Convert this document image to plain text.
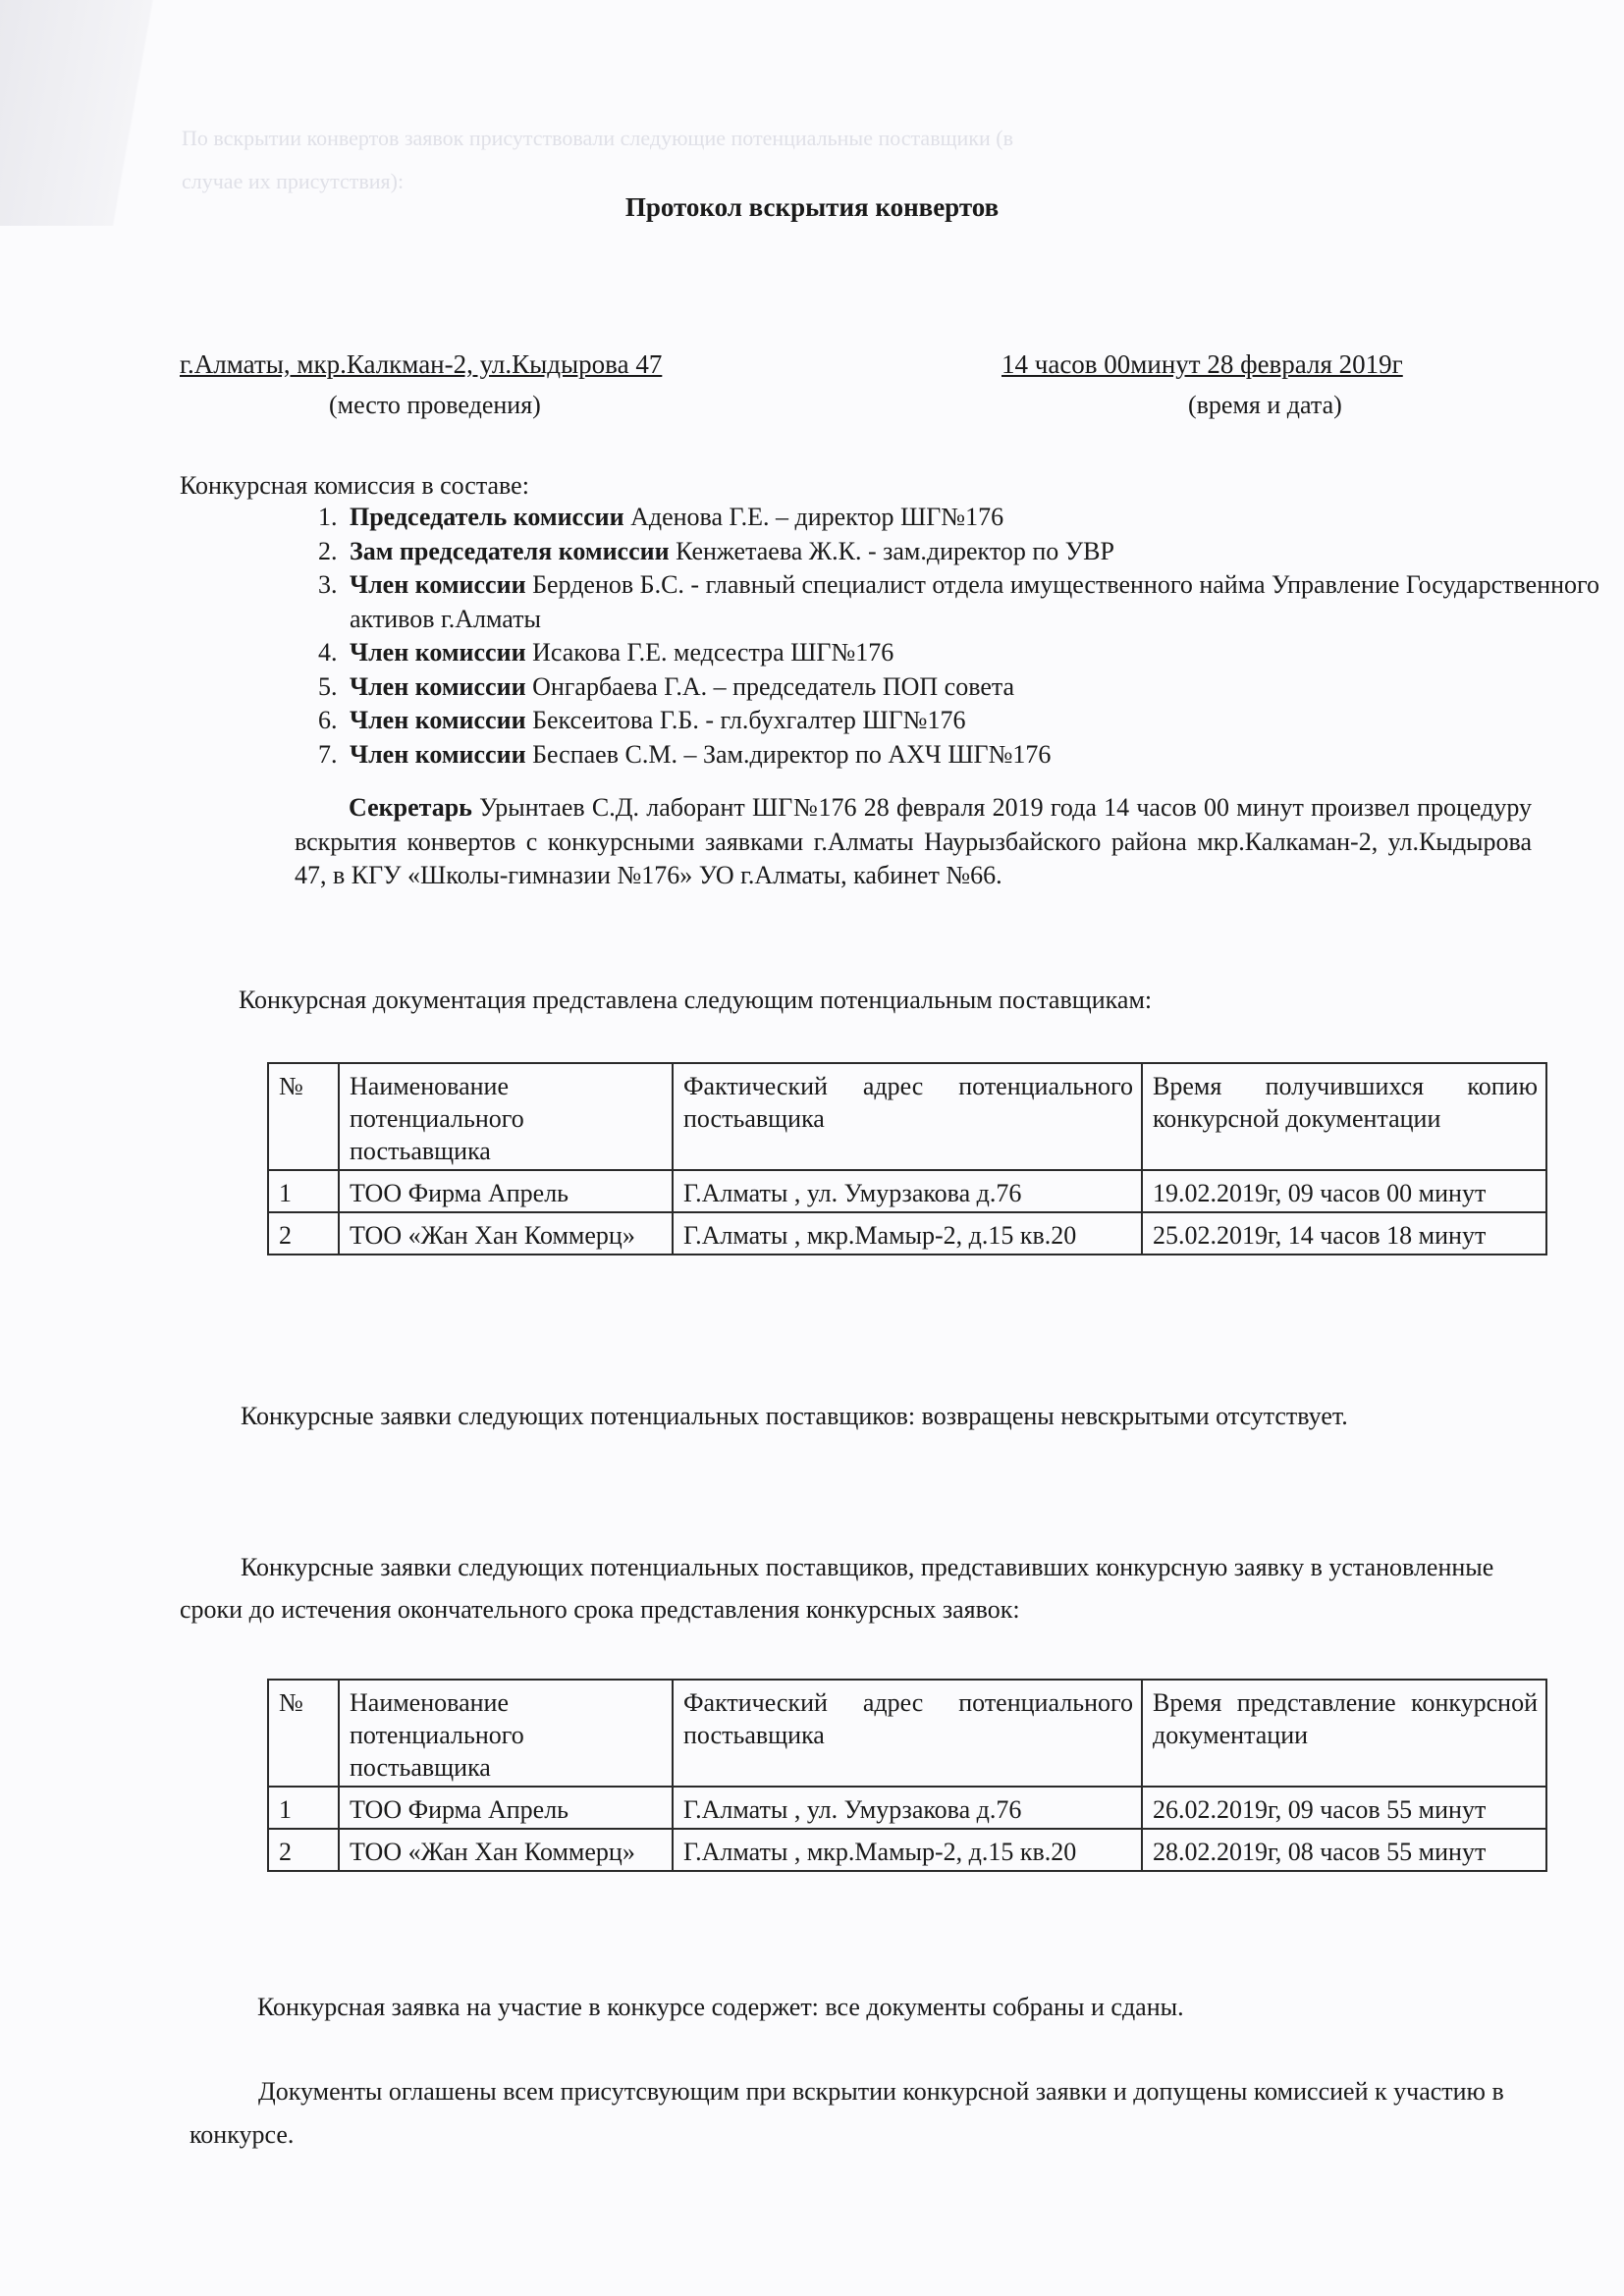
По вскрытии конвертов заявок присутствовали следующие потенциальные поставщики (в
случае их присутствия):
Протокол вскрытия конвертов
г.Алматы, мкр.Калкман-2, ул.Кыдырова 47
(место проведения)
14 часов 00минут 28 февраля 2019г
(время и дата)
Конкурсная комиссия в составе:
1. Председатель комиссии Аденова Г.Е. – директор ШГ№176
2. Зам председателя комиссии Кенжетаева Ж.К. - зам.директор по УВР
3. Член комиссии Берденов Б.С. - главный специалист отдела имущественного найма Управление Государственного активов г.Алматы
4. Член комиссии Исакова Г.Е. медсестра ШГ№176
5. Член комиссии Онгарбаева Г.А. – председатель ПОП совета
6. Член комиссии Бексеитова Г.Б. - гл.бухгалтер ШГ№176
7. Член комиссии Беспаев С.М. – Зам.директор по АХЧ ШГ№176
Секретарь Урынтаев С.Д. лаборант ШГ№176 28 февраля 2019 года 14 часов 00 минут произвел процедуру вскрытия конвертов с конкурсными заявками г.Алматы Наурызбайского района мкр.Калкаман-2, ул.Кыдырова 47, в КГУ «Школы-гимназии №176» УО г.Алматы, кабинет №66.
Конкурсная документация представлена следующим потенциальным поставщикам:
№	Наименование потенциального постьавщика	Фактический адрес потенциального постьавщика	Время получившихся копию конкурсной документации
1	ТОО Фирма Апрель	Г.Алматы , ул. Умурзакова д.76	19.02.2019г, 09 часов 00 минут
2	ТОО «Жан Хан Коммерц»	Г.Алматы , мкр.Мамыр-2, д.15 кв.20	25.02.2019г, 14 часов 18 минут
Конкурсные заявки следующих потенциальных поставщиков: возвращены невскрытыми отсутствует.
Конкурсные заявки следующих потенциальных поставщиков, представивших конкурсную заявку в установленные сроки до истечения окончательного срока представления конкурсных заявок:
№	Наименование потенциального постьавщика	Фактический адрес потенциального постьавщика	Время представление конкурсной документации
1	ТОО Фирма Апрель	Г.Алматы , ул. Умурзакова д.76	26.02.2019г, 09 часов 55 минут
2	ТОО «Жан Хан Коммерц»	Г.Алматы , мкр.Мамыр-2, д.15 кв.20	28.02.2019г, 08 часов 55 минут
Конкурсная заявка на участие в конкурсе содержет: все документы собраны и сданы.
Документы оглашены всем присутсвующим при вскрытии конкурсной заявки и допущены комиссией к участию в конкурсе.
